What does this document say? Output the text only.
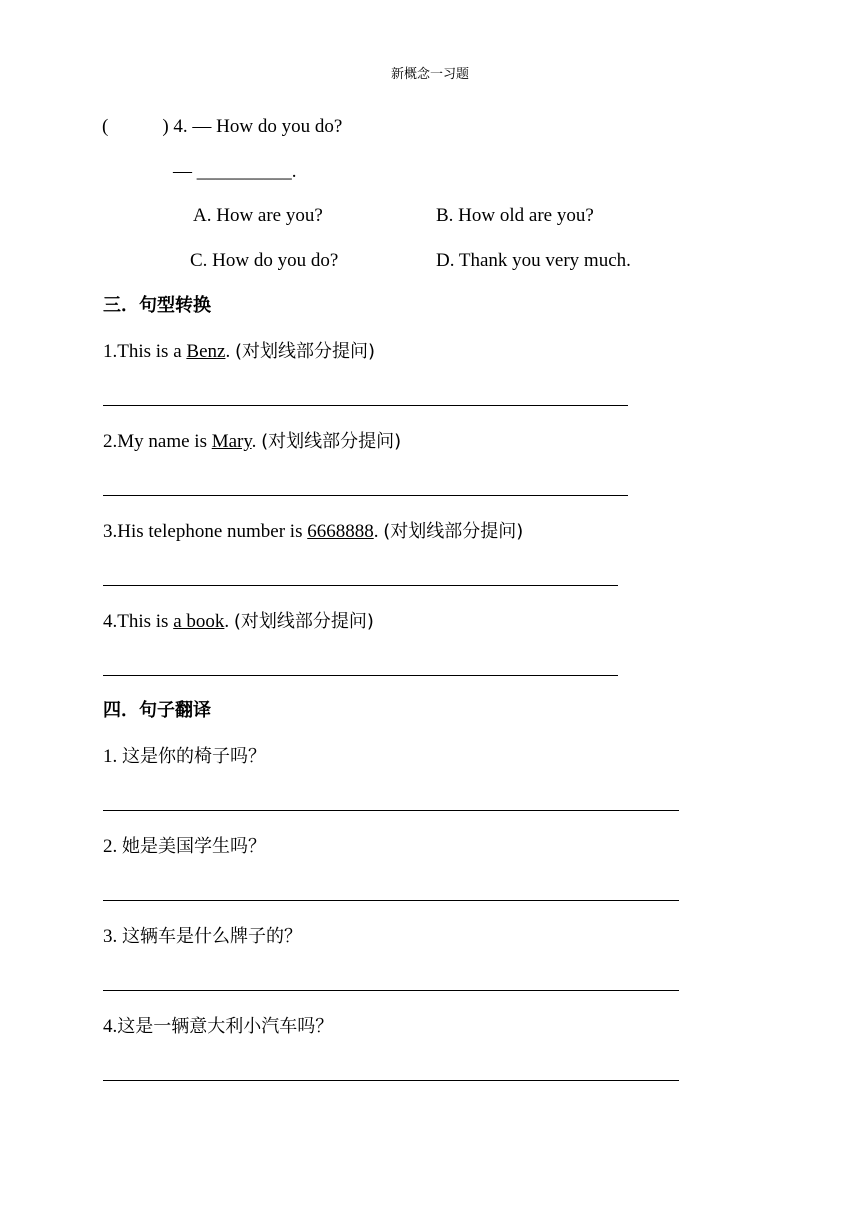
新概念一习题
(	) 4. — How do you do?
— __________.
A. How are you?	B. How old are you?
C. How do you do?	D. Thank you very much.
三．句型转换
1.This is a Benz. (对划线部分提问)
2.My name is Mary. (对划线部分提问)
3.His telephone number is 6668888. (对划线部分提问)
4.This is a book. (对划线部分提问)
四．句子翻译
1. 这是你的椅子吗？
2. 她是美国学生吗？
3. 这辆车是什么牌子的？
4.这是一辆意大利小汽车吗？
